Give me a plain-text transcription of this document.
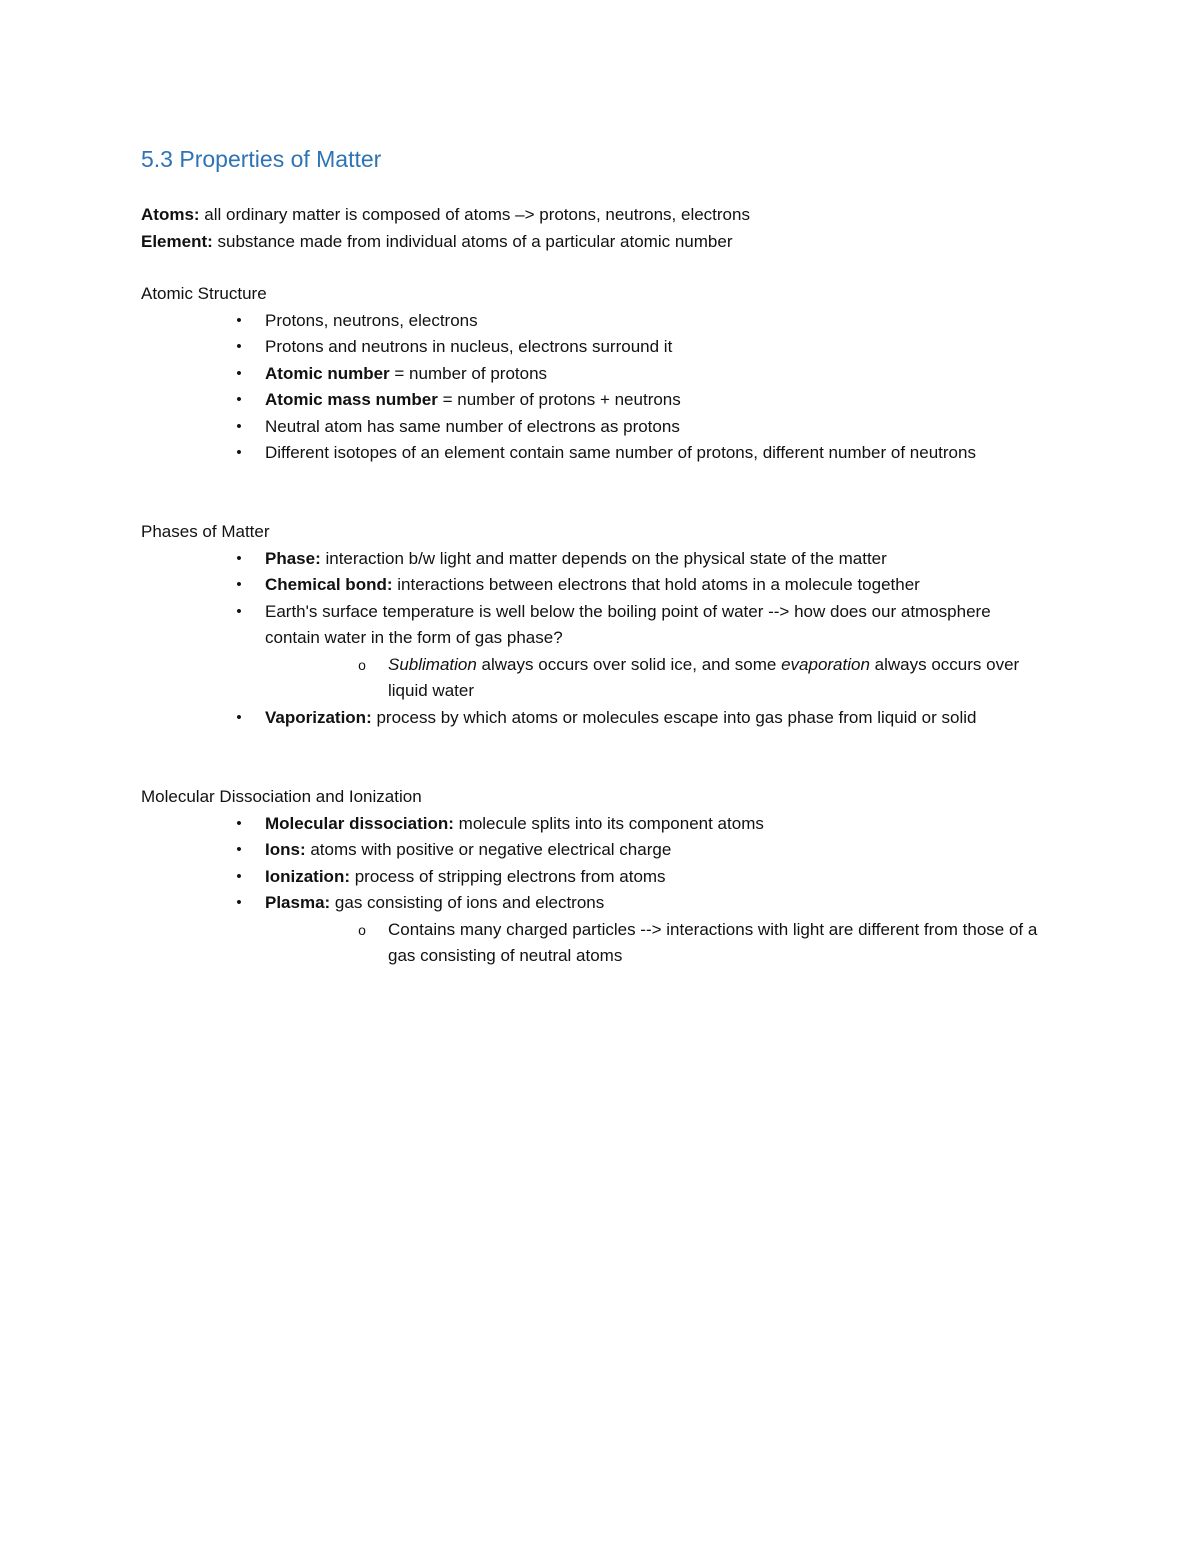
5.3 Properties of Matter

Atoms: all ordinary matter is composed of atoms –> protons, neutrons, electrons

Element: substance made from individual atoms of a particular atomic number

Atomic Structure

•	Protons, neutrons, electrons
•	Protons and neutrons in nucleus, electrons surround it
•	Atomic number = number of protons
•	Atomic mass number = number of protons + neutrons
•	Neutral atom has same number of electrons as protons
•	Different isotopes of an element contain same number of protons, different number of neutrons

Phases of Matter

•	Phase: interaction b/w light and matter depends on the physical state of the matter
•	Chemical bond: interactions between electrons that hold atoms in a molecule together
•	Earth's surface temperature is well below the boiling point of water --> how does our atmosphere contain water in the form of gas phase?
o	Sublimation always occurs over solid ice, and some evaporation always occurs over liquid water
•	Vaporization: process by which atoms or molecules escape into gas phase from liquid or solid

Molecular Dissociation and Ionization

•	Molecular dissociation: molecule splits into its component atoms
•	Ions: atoms with positive or negative electrical charge
•	Ionization: process of stripping electrons from atoms
•	Plasma: gas consisting of ions and electrons
o	Contains many charged particles --> interactions with light are different from those of a gas consisting of neutral atoms
